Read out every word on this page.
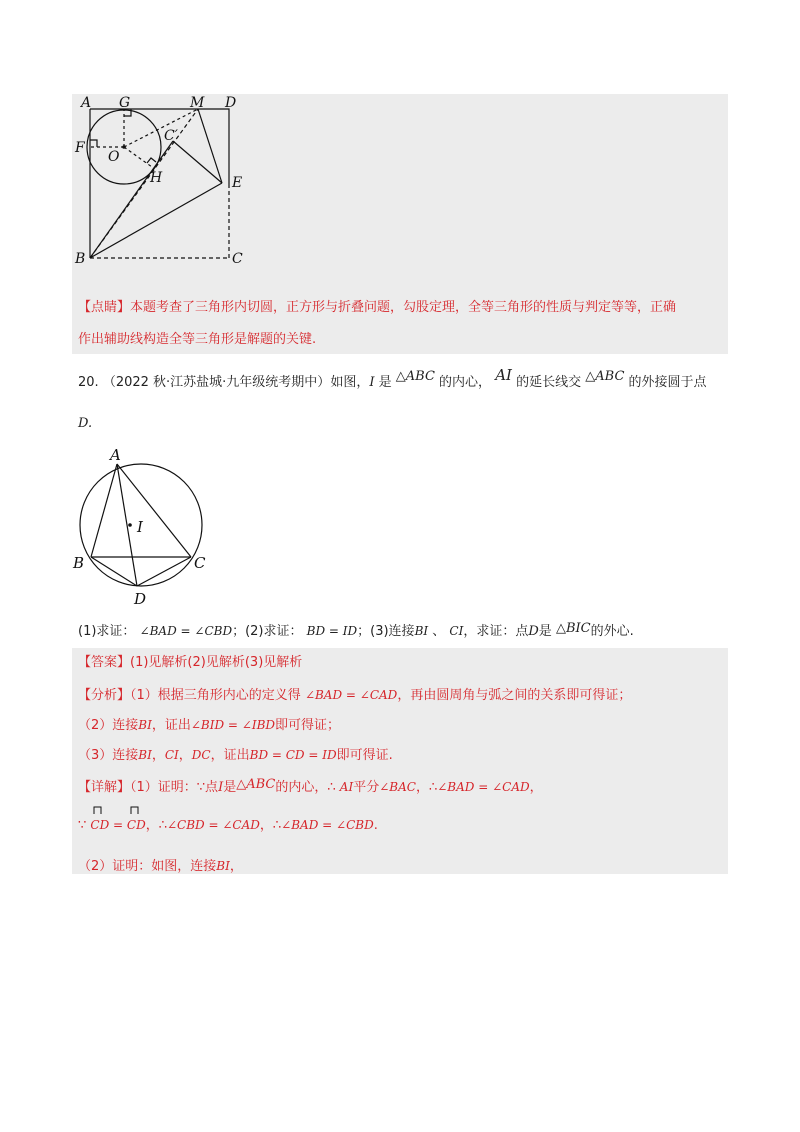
A G	M D
F
O
C′
H	E
B	C
【点睛】本题考查了三角形内切圆，正方形与折叠问题，勾股定理，全等三角形的性质与判定等等，正确
作出辅助线构造全等三角形是解题的关键.
20. （2022 秋·江苏盐城·九年级统考期中）如图，I 是 △ABC 的内心， AI 的延长线交 △ABC 的外接圆于点
D.
A
I
B	C
D
(1)求证： ∠BAD = ∠CBD；(2)求证： BD = ID；(3)连接BI 、 CI，求证：点D是 △BIC的外心.
【答案】(1)见解析(2)见解析(3)见解析
【分析】（1）根据三角形内心的定义得 ∠BAD = ∠CAD，再由圆周角与弧之间的关系即可得证；
（2）连接BI，证出∠BID = ∠IBD即可得证；
（3）连接BI，CI，DC，证出BD = CD = ID即可得证.
【详解】（1）证明：∵点I是△ABC的内心，∴ AI平分∠BAC，∴∠BAD = ∠CAD，
∵ CD = CD，∴∠CBD = ∠CAD，∴∠BAD = ∠CBD.
（2）证明：如图，连接BI，
